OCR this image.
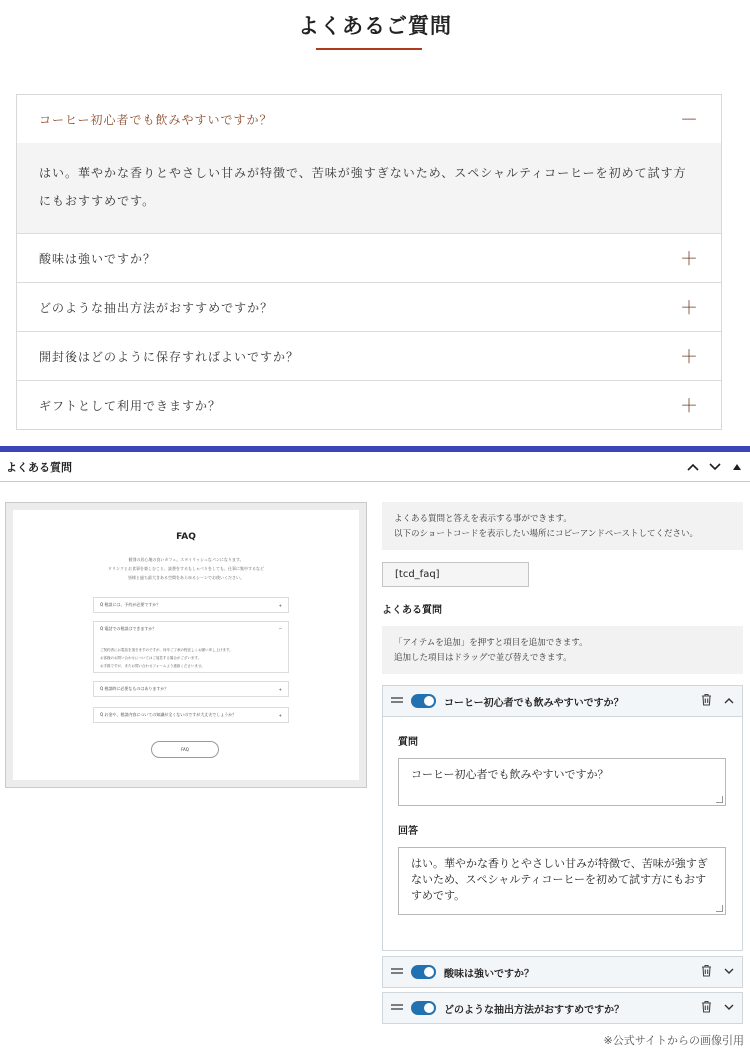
よくあるご質問
コーヒー初心者でも飲みやすいですか？	－
はい。華やかな香りとやさしい甘みが特徴で、苦味が強すぎないため、スペシャルティコーヒーを初めて試す方にもおすすめです。
酸味は強いですか？	＋
どのような抽出方法がおすすめですか？	＋
開封後はどのように保存すればよいですか？	＋
ギフトとして利用できますか？	＋
よくある質問
FAQ
個別の居心地の良いカフェ。スタイリッシュなパンになります。
ドリンクとお食事を楽しむこと、読書をするもしゃべりをしても、仕事に集中するなど
皆様と過ち最大きある空間をあらゆるシーンでお使いください。
Q 相談には、予約が必要ですか？	+
Q 電話での相談はできますか？	−
ご契約者にお電話を頂きますのですが、何卒ご了承の程宜しくお願い申し上げます。
お客様のお問い合わせについてはご返答する場合がございます。
お手数ですが、またお問い合わせフォームより連絡くださいませ。
Q 相談時に必要なものはありますか？	+
Q お金や、相談内容についての知識が全くないのですが大丈夫でしょうか？	+
FAQ
よくある質問と答えを表示する事ができます。
以下のショートコードを表示したい場所にコピーアンドペーストしてください。
[tcd_faq]
よくある質問
「アイテムを追加」を押すと項目を追加できます。
追加した項目はドラッグで並び替えできます。
コーヒー初心者でも飲みやすいですか？
質問
コーヒー初心者でも飲みやすいですか？
回答
はい。華やかな香りとやさしい甘みが特徴で、苦味が強すぎないため、スペシャルティコーヒーを初めて試す方にもおすすめです。
酸味は強いですか？
どのような抽出方法がおすすめですか？
※公式サイトからの画像引用
